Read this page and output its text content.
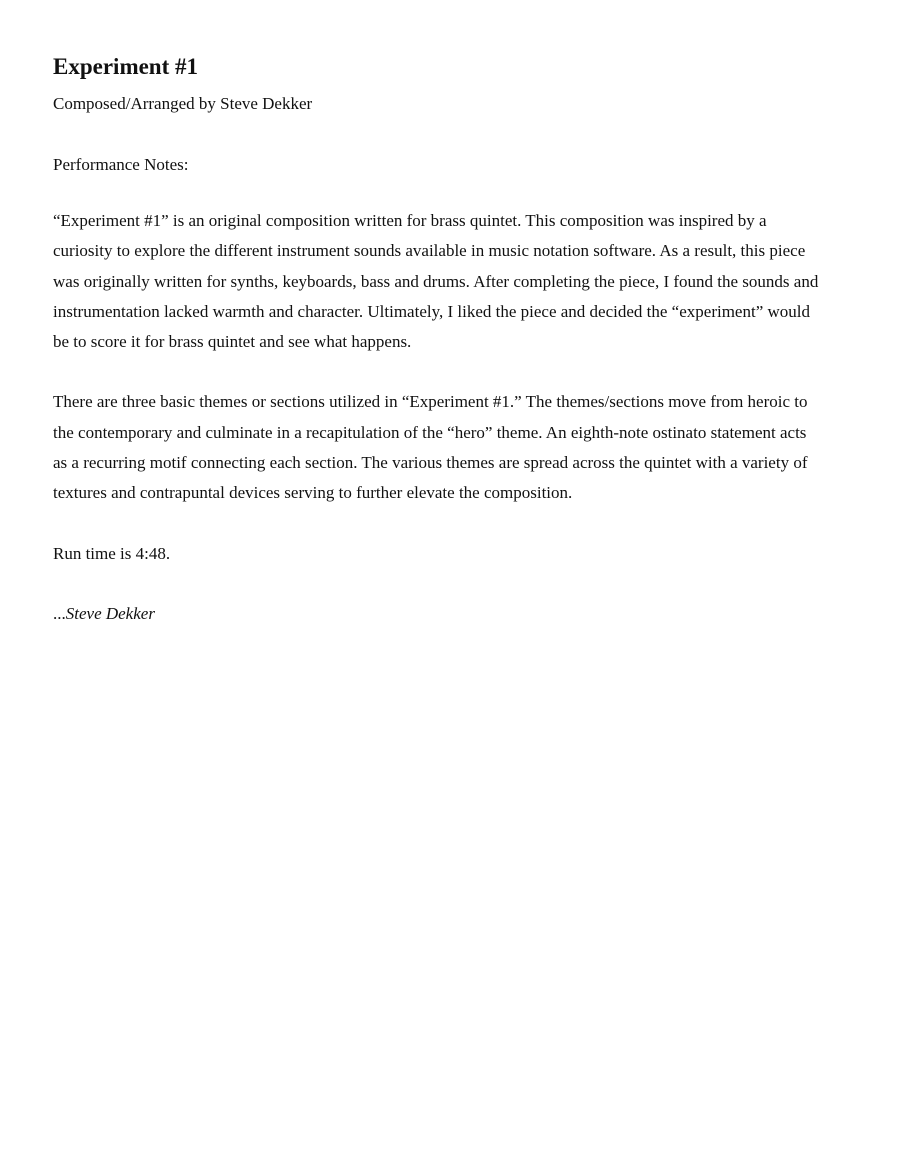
Experiment #1

Composed/Arranged by Steve Dekker

Performance Notes:

“Experiment #1” is an original composition written for brass quintet. This composition was inspired by a
curiosity to explore the different instrument sounds available in music notation software. As a result, this piece
was originally written for synths, keyboards, bass and drums. After completing the piece, I found the sounds and
instrumentation lacked warmth and character. Ultimately, I liked the piece and decided the “experiment” would
be to score it for brass quintet and see what happens.

There are three basic themes or sections utilized in “Experiment #1.” The themes/sections move from heroic to
the contemporary and culminate in a recapitulation of the “hero” theme. An eighth-note ostinato statement acts
as a recurring motif connecting each section. The various themes are spread across the quintet with a variety of
textures and contrapuntal devices serving to further elevate the composition.

Run time is 4:48.

...Steve Dekker
